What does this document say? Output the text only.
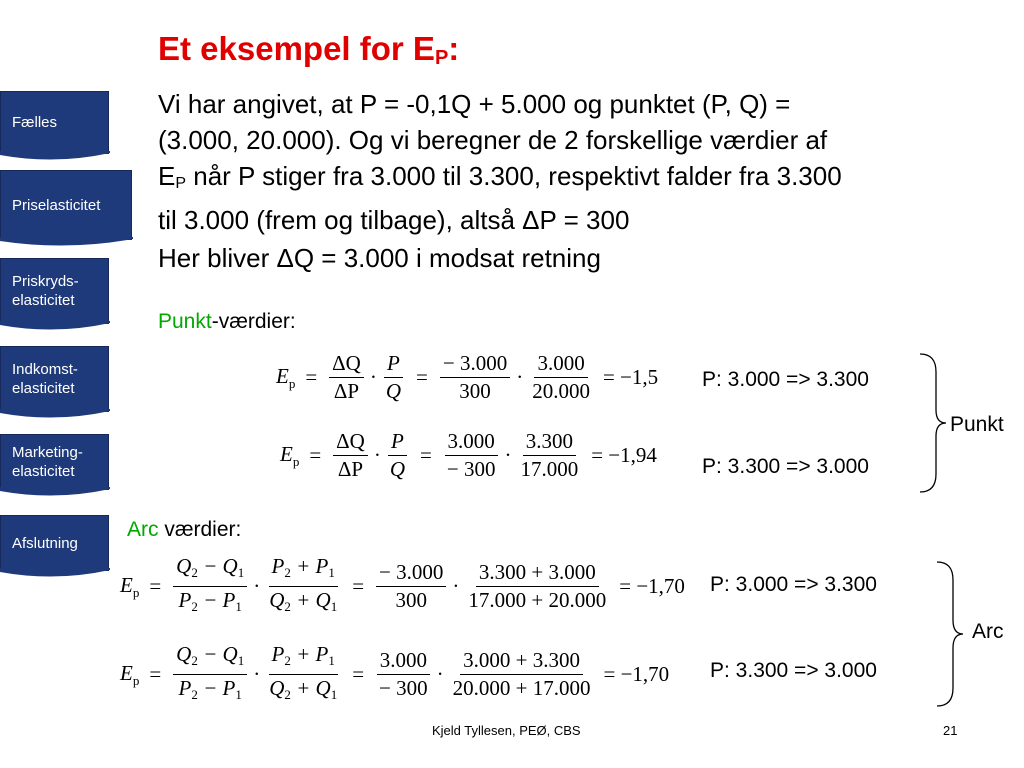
Fælles
Priselasticitet
Priskryds-
elasticitet
Indkomst-
elasticitet
Marketing-
elasticitet
Afslutning
Et eksempel for $E_P$:
Vi har angivet, at P = -0,1Q + 5.000 og punktet (P, Q) =
(3.000, 20.000). Og vi beregner de 2 forskellige værdier af
$E_P$ når P stiger fra 3.000 til 3.300, respektivt falder fra 3.300
til 3.000 (frem og tilbage), altså ΔP = 300
Her bliver ΔQ = 3.000 i modsat retning
Punkt-værdier:
$E_p = \frac{\Delta Q}{\Delta P} \cdot \frac{P}{Q} = \frac{- 3.000}{300} \cdot \frac{3.000}{20.000} = -1,5$ P: 3.000 => 3.300
$E_p = \frac{\Delta Q}{\Delta P} \cdot \frac{P}{Q} = \frac{3.000}{- 300} \cdot \frac{3.300}{17.000} = -1,94$ P: 3.300 => 3.000
Punkt
Arc værdier:
$E_p = \frac{Q_2 - Q_1}{P_2 - P_1} \cdot \frac{P_2 + P_1}{Q_2 + Q_1} = \frac{- 3.000}{300} \cdot \frac{3.300 + 3.000}{17.000 + 20.000} = -1,70$ P: 3.000 => 3.300
$E_p = \frac{Q_2 - Q_1}{P_2 - P_1} \cdot \frac{P_2 + P_1}{Q_2 + Q_1} = \frac{3.000}{- 300} \cdot \frac{3.000 + 3.300}{20.000 + 17.000} = -1,70$ P: 3.300 => 3.000
Arc
Kjeld Tyllesen, PEØ, CBS	21
